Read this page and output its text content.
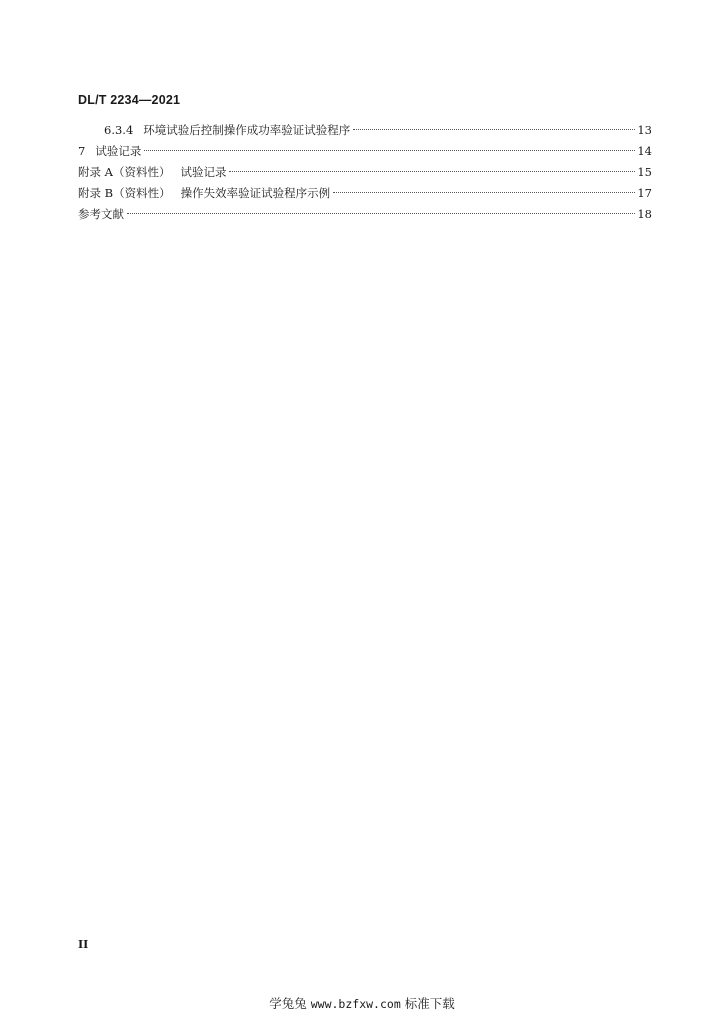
DL/T 2234—2021
6.3.4 环境试验后控制操作成功率验证试验程序	13
7 试验记录	14
附录 A（资料性） 试验记录	15
附录 B（资料性） 操作失效率验证试验程序示例	17
参考文献	18
II
学兔兔 www.bzfxw.com 标准下载
